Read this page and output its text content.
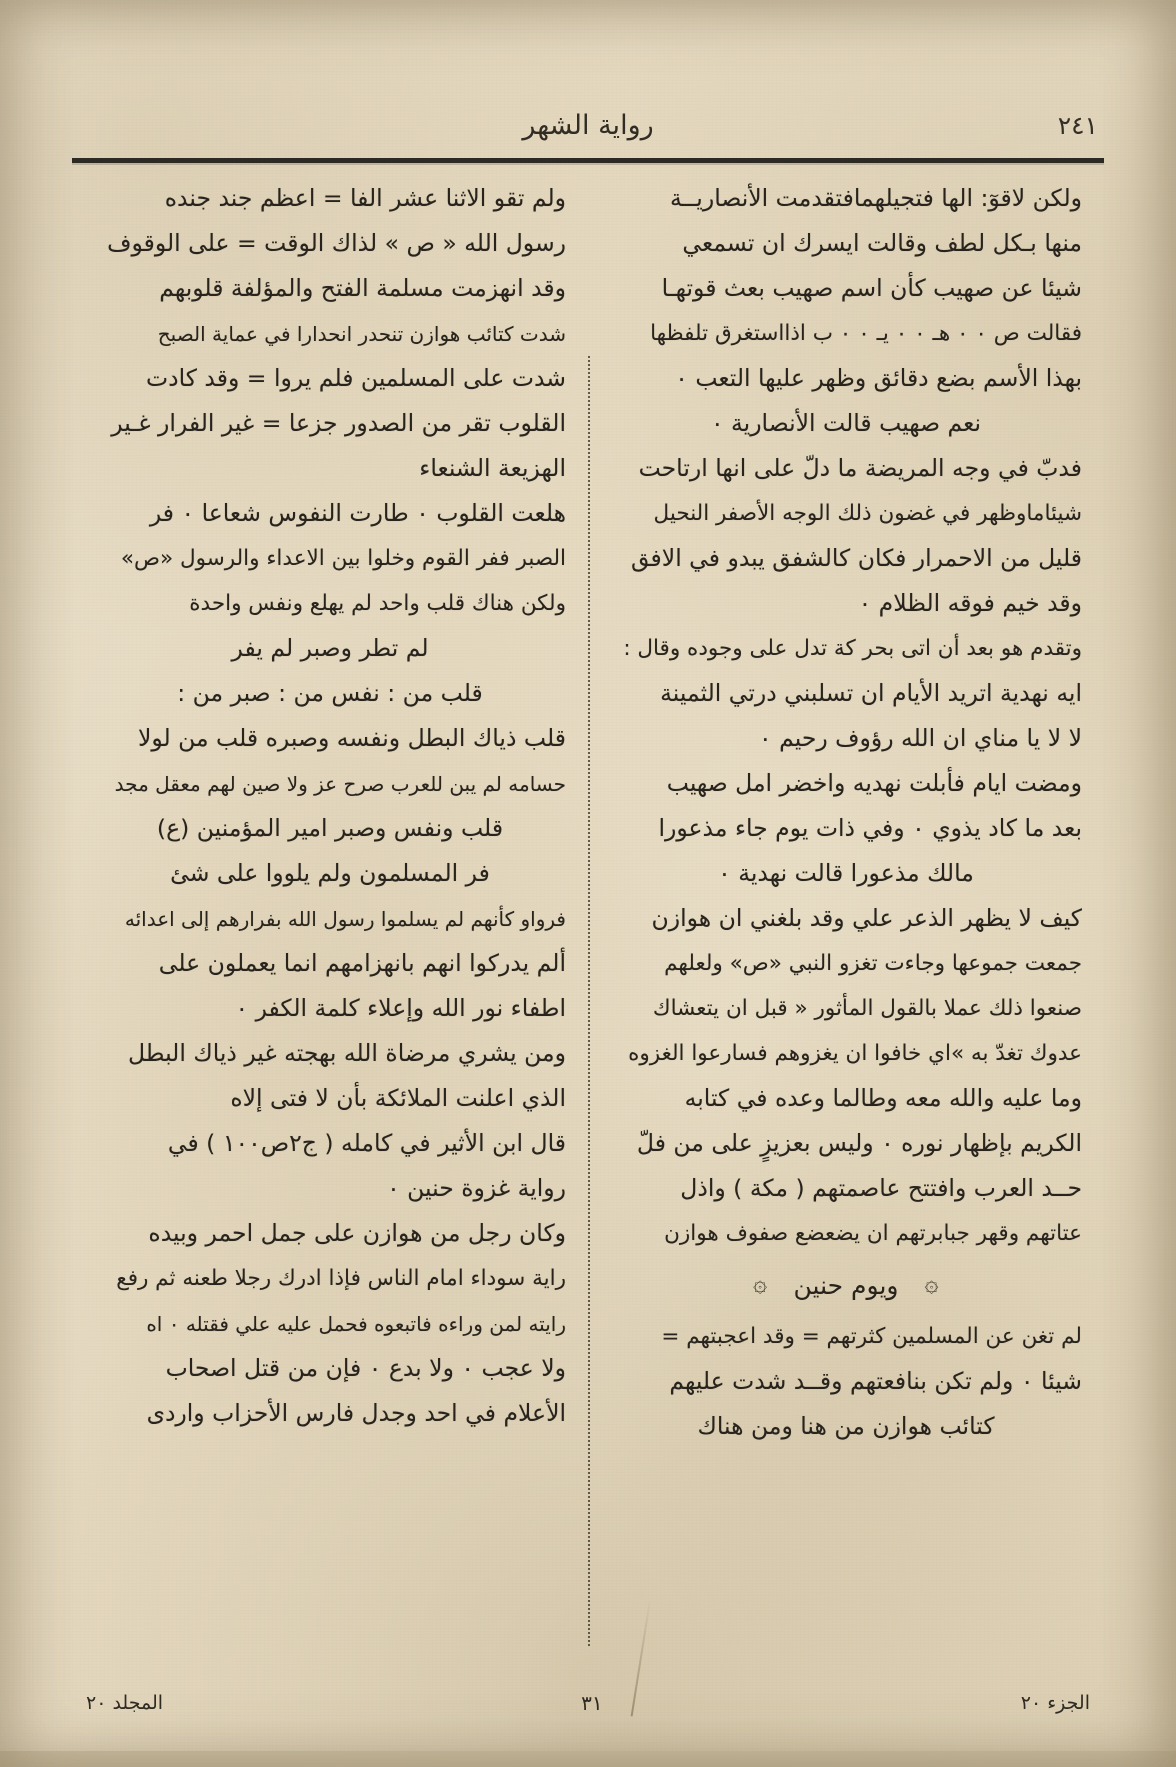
٢٤١
رواية الشهر
ولكن لاقوٓ: الها فتجيلهمافتقدمت الأنصاريــة
منها بـكل لطف وقالت ايسرك ان تسمعي
شيئا عن صهيب كأن اسم صهيب بعث قوتهـا
فقالت ص ٠ ٠ هـ ٠ ٠ يـ ٠ ٠ ب اذااستغرق تلفظها
بهذا الأسم بضع دقائق وظهر عليها التعب ٠
نعم صهيب قالت الأنصارية ٠
فدبّ في وجه المريضة ما دلّ على انها ارتاحت
شيئاماوظهر في غضون ذلك الوجه الأصفر النحيل
قليل من الاحمرار فكان كالشفق يبدو في الافق
وقد خيم فوقه الظلام ٠
وتقدم هو بعد أن اتى بحر كة تدل على وجوده وقال :
ايه نهدية اتريد الأيام ان تسلبني درتي الثمينة
لا لا يا مناي ان الله رؤوف رحيم ٠
ومضت ايام فأبلت نهديه واخضر امل صهيب
بعد ما كاد يذوي ٠ وفي ذات يوم جاء مذعورا
مالك مذعورا قالت نهدية ٠
كيف لا يظهر الذعر علي وقد بلغني ان هوازن
جمعت جموعها وجاءت تغزو النبي «ص» ولعلهم
صنعوا ذلك عملا بالقول المأثور « قبل ان يتعشاك
عدوك تغدّ به »اي خافوا ان يغزوهم فسارعوا الغزوه
وما عليه والله معه وطالما وعده في كتابه
الكريم بإظهار نوره ٠ وليس بعزيزٍ على من فلّ
حــد العرب وافتتح عاصمتهم ( مكة ) واذل
عتاتهم وقهر جبابرتهم ان يضعضع صفوف هوازن
۞
ويوم حنين
۞
لم تغن عن المسلمين كثرتهم = وقد اعجبتهم =
شيئا ٠ ولم تكن بنافعتهم وقــد شدت عليهم
كتائب هوازن من هنا ومن هناك
ولم تقو الاثنا عشر الفا = اعظم جند جنده
رسول الله « ص » لذاك الوقت = على الوقوف
وقد انهزمت مسلمة الفتح والمؤلفة قلوبهم
شدت كتائب هوازن تنحدر انحدارا في عماية الصبح
شدت على المسلمين فلم يروا = وقد كادت
القلوب تقر من الصدور جزعا = غير الفرار غـير
الهزيعة الشنعاء
هلعت القلوب ٠ طارت النفوس شعاعا ٠ فر
الصبر ففر القوم وخلوا بين الاعداء والرسول «ص»
ولكن هناك قلب واحد لم يهلع ونفس واحدة
لم تطر وصبر لم يفر
قلب من : نفس من : صبر من :
قلب ذياك البطل ونفسه وصبره قلب من لولا
حسامه لم يبن للعرب صرح عز ولا صين لهم معقل مجد
قلب ونفس وصبر امير المؤمنين (ع)
فر المسلمون ولم يلووا على شئ
فرواو كأنهم لم يسلموا رسول الله بفرارهم إلى اعدائه
ألم يدركوا انهم بانهزامهم انما يعملون على
اطفاء نور الله وإعلاء كلمة الكفر ٠
ومن يشري مرضاة الله بهجته غير ذياك البطل
الذي اعلنت الملائكة بأن لا فتى إلاه
قال ابن الأثير في كامله ( ج٢ص١٠٠ ) في
رواية غزوة حنين ٠
وكان رجل من هوازن على جمل احمر وبيده
راية سوداء امام الناس فإذا ادرك رجلا طعنه ثم رفع
رايته لمن وراءه فاتبعوه فحمل عليه علي فقتله ٠ اه
ولا عجب ٠ ولا بدع ٠ فإن من قتل اصحاب
الأعلام في احد وجدل فارس الأحزاب واردى
الجزء ٢٠
٣١
المجلد ٢٠
